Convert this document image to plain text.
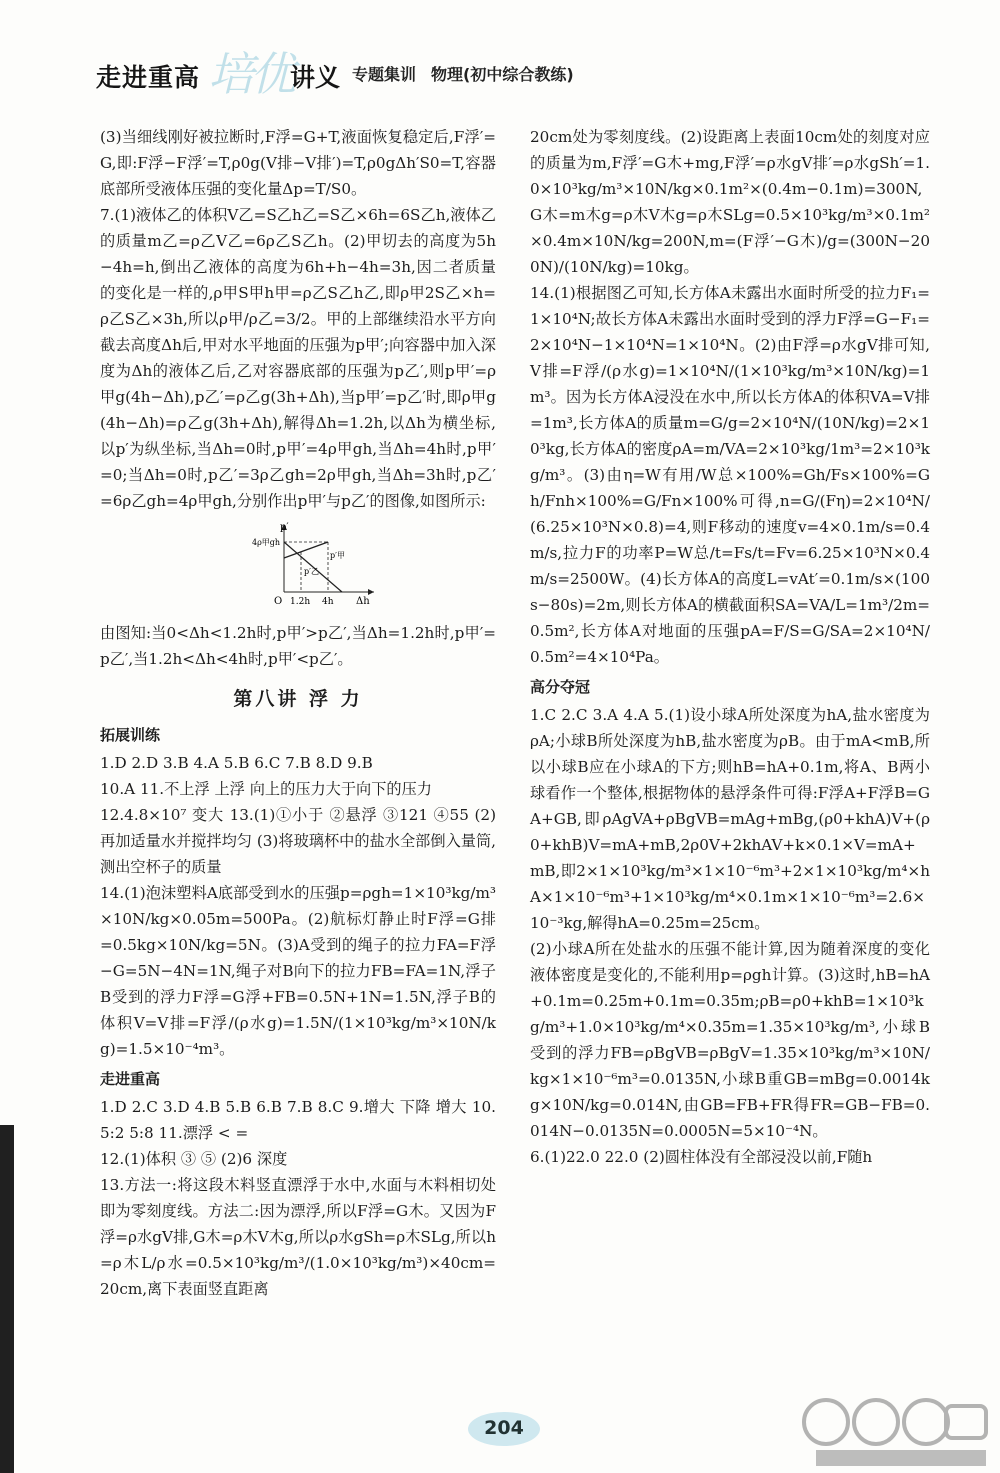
走进重高 培优
讲义 专题集训 物理(初中综合教练)

(3)当细线刚好被拉断时,F浮=G+T,液面恢复稳定后,F浮′=G,即:F浮−F浮′=T,ρ0g(V排−V排′)=T,ρ0gΔh′S0=T,容器底部所受液体压强的变化量Δp=T/S0。

7.(1)液体乙的体积V乙=S乙h乙=S乙×6h=6S乙h,液体乙的质量m乙=ρ乙V乙=6ρ乙S乙h。(2)甲切去的高度为5h−4h=h,倒出乙液体的高度为6h+h−4h=3h,因二者质量的变化是一样的,ρ甲S甲h甲=ρ乙S乙h乙,即ρ甲2S乙×h=ρ乙S乙×3h,所以ρ甲/ρ乙=3/2。甲的上部继续沿水平方向截去高度Δh后,甲对水平地面的压强为p甲′;向容器中加入深度为Δh的液体乙后,乙对容器底部的压强为p乙′,则p甲′=ρ甲g(4h−Δh),p乙′=ρ乙g(3h+Δh),当p甲′=p乙′时,即ρ甲g(4h−Δh)=ρ乙g(3h+Δh),解得Δh=1.2h,以Δh为横坐标,以p′为纵坐标,当Δh=0时,p甲′=4ρ甲gh,当Δh=4h时,p甲′=0;当Δh=0时,p乙′=3ρ乙gh=2ρ甲gh,当Δh=3h时,p乙′=6ρ乙gh=4ρ甲gh,分别作出p甲′与p乙′的图像,如图所示:

p′
4ρ甲gh
p′甲
p′乙
O 1.2h 4h Δh

由图知:当0<Δh<1.2h时,p甲′>p乙′,当Δh=1.2h时,p甲′=p乙′,当1.2h<Δh<4h时,p甲′<p乙′。

第八讲 浮 力
拓展训练

1.D 2.D 3.B 4.A 5.B 6.C 7.B 8.D 9.B

10.A 11.不上浮 上浮 向上的压力大于向下的压力

12.4.8×10⁷ 变大 13.(1)①小于 ②悬浮 ③121 ④55 (2)再加适量水并搅拌均匀 (3)将玻璃杯中的盐水全部倒入量筒,测出空杯子的质量

14.(1)泡沫塑料A底部受到水的压强p=ρgh=1×10³kg/m³×10N/kg×0.05m=500Pa。(2)航标灯静止时F浮=G排=0.5kg×10N/kg=5N。(3)A受到的绳子的拉力FA=F浮−G=5N−4N=1N,绳子对B向下的拉力FB=FA=1N,浮子B受到的浮力F浮=G浮+FB=0.5N+1N=1.5N,浮子B的体积V=V排=F浮/(ρ水g)=1.5N/(1×10³kg/m³×10N/kg)=1.5×10⁻⁴m³。

走进重高

1.D 2.C 3.D 4.B 5.B 6.B 7.B 8.C 9.增大 下降 增大 10.5:2 5:8 11.漂浮 < =

12.(1)体积 ③ ⑤ (2)6 深度

13.方法一:将这段木料竖直漂浮于水中,水面与木料相切处即为零刻度线。方法二:因为漂浮,所以F浮=G木。又因为F浮=ρ水gV排,G木=ρ木V木g,所以ρ水gSh=ρ木SLg,所以h=ρ木L/ρ水=0.5×10³kg/m³/(1.0×10³kg/m³)×40cm=20cm,离下表面竖直距离

20cm处为零刻度线。(2)设距离上表面10cm处的刻度对应的质量为m,F浮′=G木+mg,F浮′=ρ水gV排′=ρ水gSh′=1.0×10³kg/m³×10N/kg×0.1m²×(0.4m−0.1m)=300N,G木=m木g=ρ木V木g=ρ木SLg=0.5×10³kg/m³×0.1m²×0.4m×10N/kg=200N,m=(F浮′−G木)/g=(300N−200N)/(10N/kg)=10kg。

14.(1)根据图乙可知,长方体A未露出水面时所受的拉力F₁=1×10⁴N;故长方体A未露出水面时受到的浮力F浮=G−F₁=2×10⁴N−1×10⁴N=1×10⁴N。(2)由F浮=ρ水gV排可知,V排=F浮/(ρ水g)=1×10⁴N/(1×10³kg/m³×10N/kg)=1m³。因为长方体A浸没在水中,所以长方体A的体积VA=V排=1m³,长方体A的质量m=G/g=2×10⁴N/(10N/kg)=2×10³kg,长方体A的密度ρA=m/VA=2×10³kg/1m³=2×10³kg/m³。(3)由η=W有用/W总×100%=Gh/Fs×100%=Gh/Fnh×100%=G/Fn×100%可得,n=G/(Fη)=2×10⁴N/(6.25×10³N×0.8)=4,则F移动的速度v=4×0.1m/s=0.4m/s,拉力F的功率P=W总/t=Fs/t=Fv=6.25×10³N×0.4m/s=2500W。(4)长方体A的高度L=vAt′=0.1m/s×(100s−80s)=2m,则长方体A的横截面积SA=VA/L=1m³/2m=0.5m²,长方体A对地面的压强pA=F/S=G/SA=2×10⁴N/0.5m²=4×10⁴Pa。

高分夺冠

1.C 2.C 3.A 4.A 5.(1)设小球A所处深度为hA,盐水密度为ρA;小球B所处深度为hB,盐水密度为ρB。由于mA<mB,所以小球B应在小球A的下方;则hB=hA+0.1m,将A、B两小球看作一个整体,根据物体的悬浮条件可得:F浮A+F浮B=GA+GB,即ρAgVA+ρBgVB=mAg+mBg,(ρ0+khA)V+(ρ0+khB)V=mA+mB,2ρ0V+2khAV+k×0.1×V=mA+mB,即2×1×10³kg/m³×1×10⁻⁶m³+2×1×10³kg/m⁴×hA×1×10⁻⁶m³+1×10³kg/m⁴×0.1m×1×10⁻⁶m³=2.6×10⁻³kg,解得hA=0.25m=25cm。

(2)小球A所在处盐水的压强不能计算,因为随着深度的变化液体密度是变化的,不能利用p=ρgh计算。(3)这时,hB=hA+0.1m=0.25m+0.1m=0.35m;ρB=ρ0+khB=1×10³kg/m³+1.0×10³kg/m⁴×0.35m=1.35×10³kg/m³,小球B受到的浮力FB=ρBgVB=ρBgV=1.35×10³kg/m³×10N/kg×1×10⁻⁶m³=0.0135N,小球B重GB=mBg=0.0014kg×10N/kg=0.014N,由GB=FB+FR得FR=GB−FB=0.014N−0.0135N=0.0005N=5×10⁻⁴N。

6.(1)22.0 22.0 (2)圆柱体没有全部浸没以前,F随h

204
